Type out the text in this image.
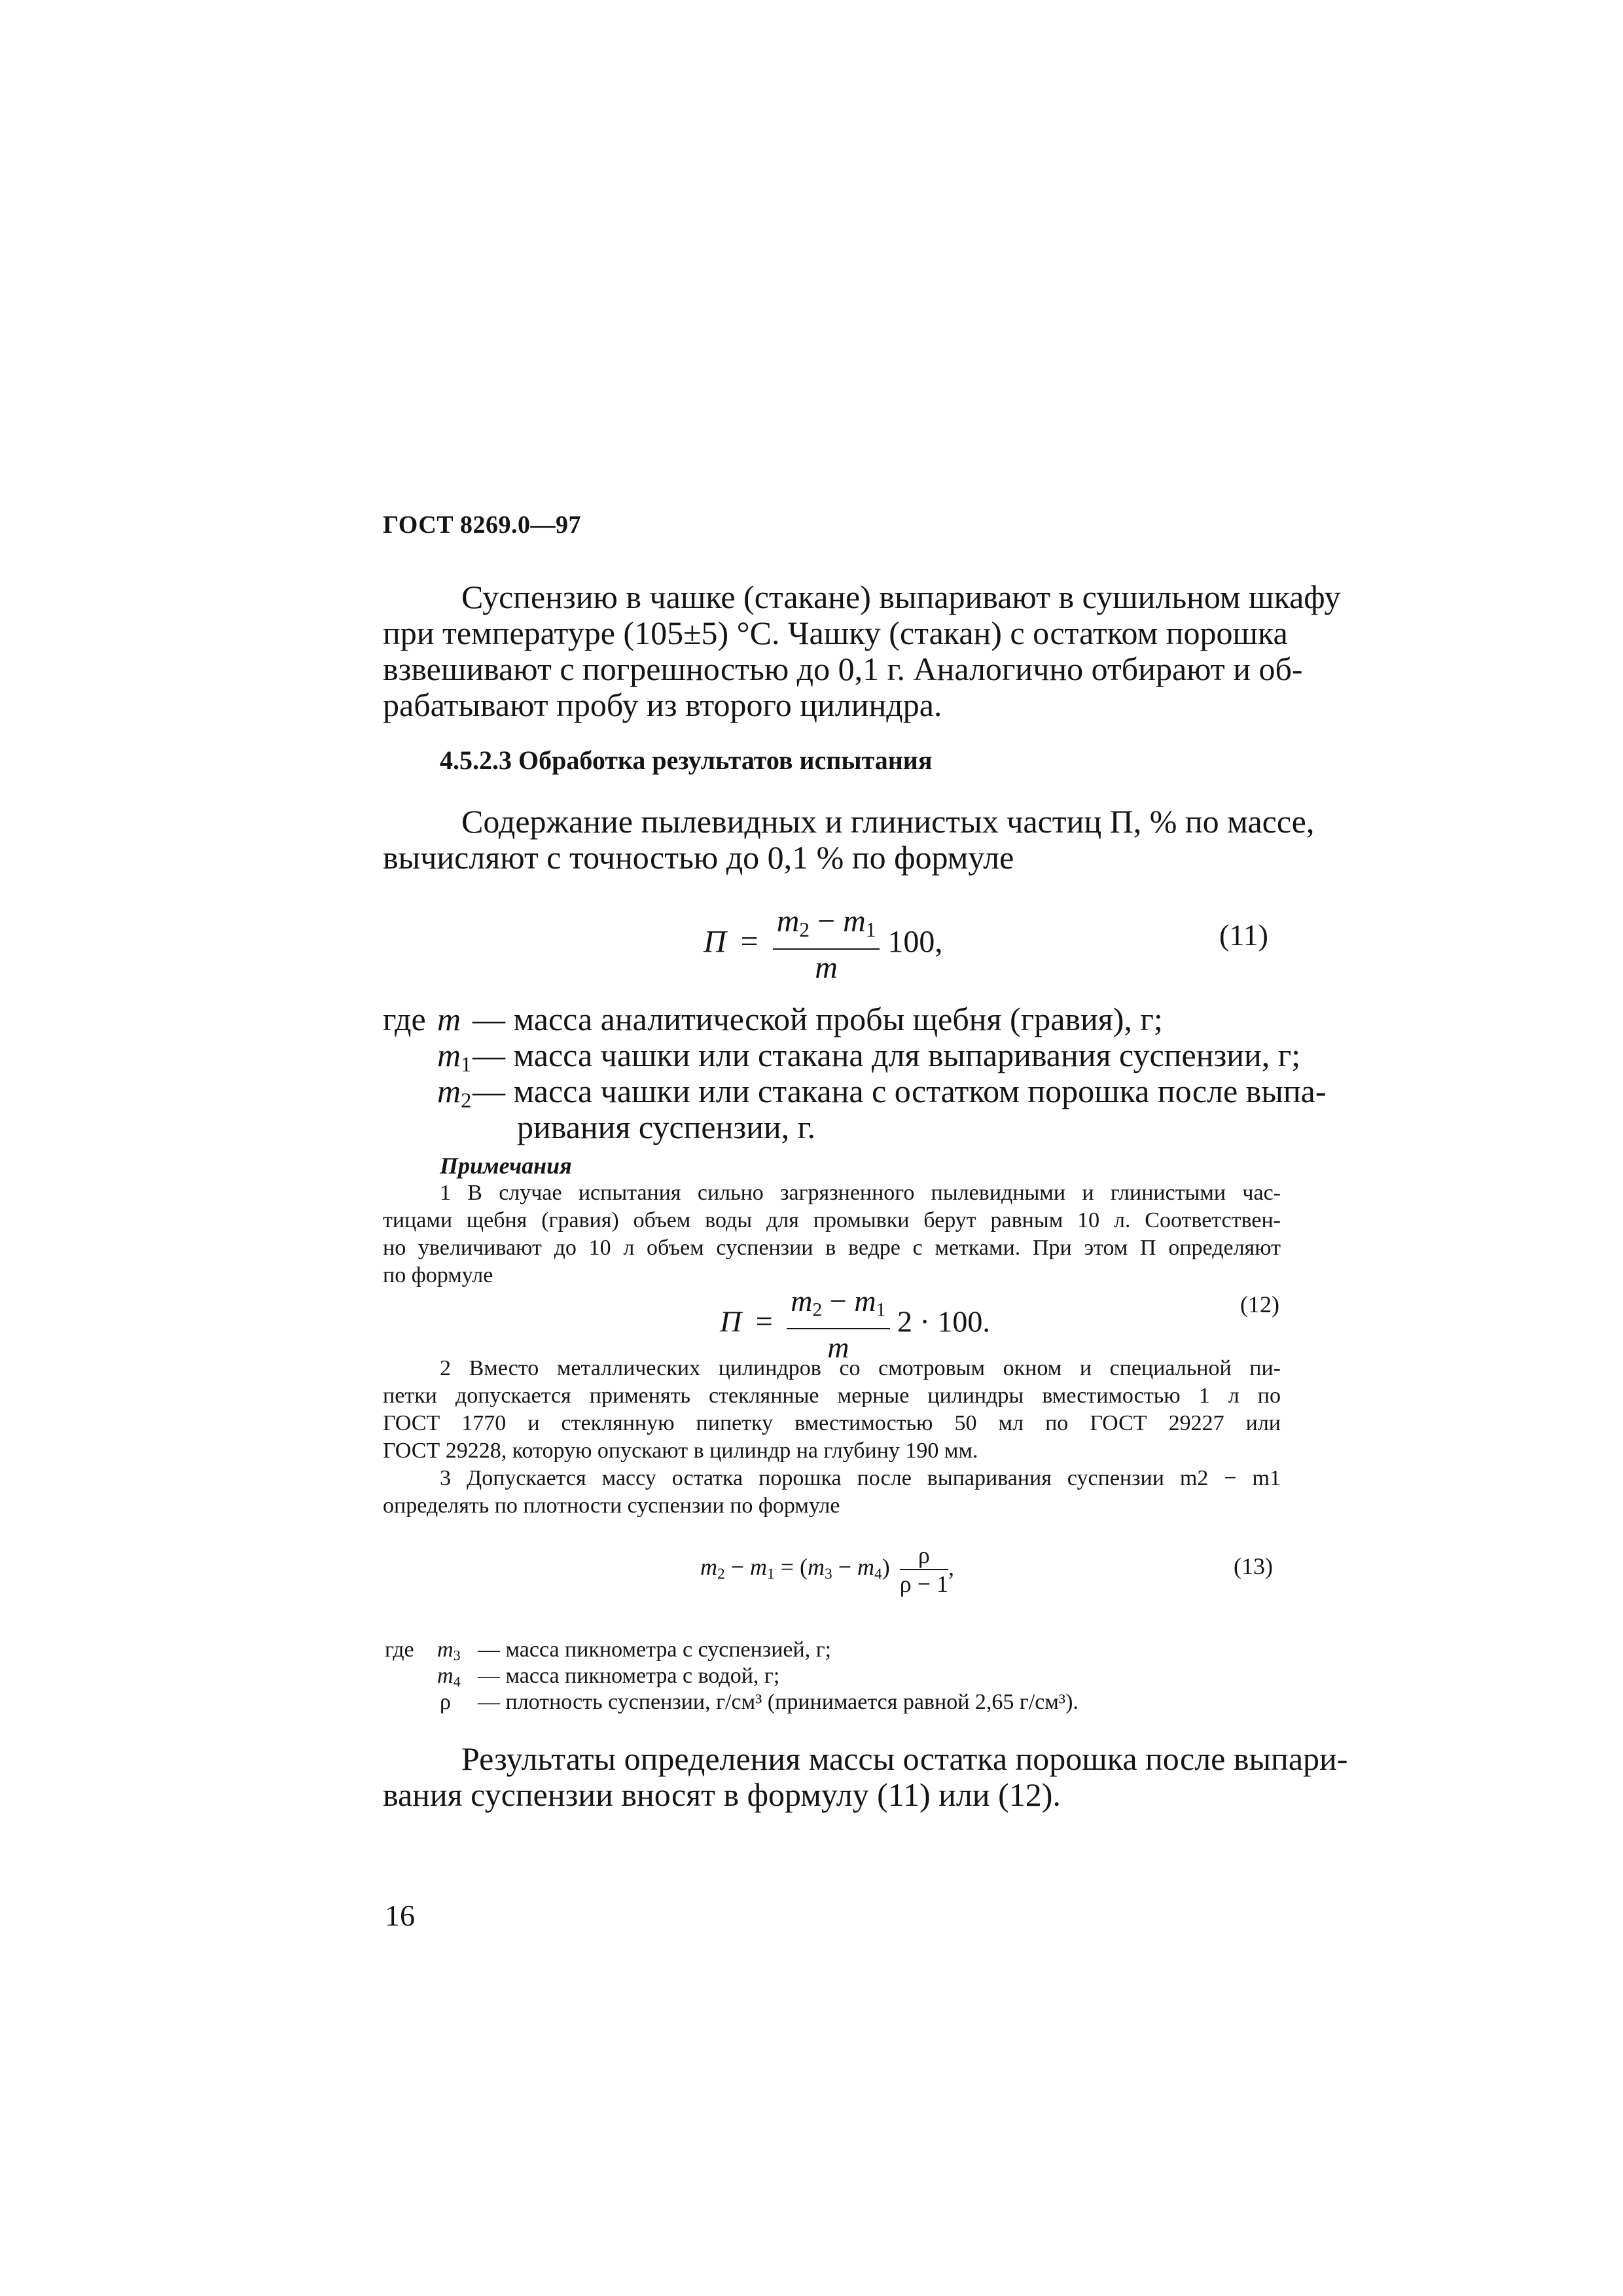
ГОСТ 8269.0—97
Суспензию в чашке (стакане) выпаривают в сушильном шкафу
при температуре (105±5) °С. Чашку (стакан) с остатком порошка
взвешивают с погрешностью до 0,1 г. Аналогично отбирают и об-
рабатывают пробу из второго цилиндра.
4.5.2.3 Обработка результатов испытания
Содержание пылевидных и глинистых частиц П, % по массе,
вычисляют с точностью до 0,1 % по формуле
$П = \frac{m_2 - m_1}{m} 100$,	(11)
где m — масса аналитической пробы щебня (гравия), г;
$m_1$ — масса чашки или стакана для выпаривания суспензии, г;
$m_2$ — масса чашки или стакана с остатком порошка после выпа-
ривания суспензии, г.
Примечания
1 В случае испытания сильно загрязненного пылевидными и глинистыми час-
тицами щебня (гравия) объем воды для промывки берут равным 10 л. Соответствен-
но увеличивают до 10 л объем суспензии в ведре с метками. При этом П определяют
по формуле
$П = \frac{m_2 - m_1}{m} 2 \cdot 100$.
(12)
2 Вместо металлических цилиндров со смотровым окном и специальной пи-
петки допускается применять стеклянные мерные цилиндры вместимостью 1 л по
ГОСТ 1770 и стеклянную пипетку вместимостью 50 мл по ГОСТ 29227 или
ГОСТ 29228, которую опускают в цилиндр на глубину 190 мм.
3 Допускается массу остатка порошка после выпаривания суспензии m2 − m1
определять по плотности суспензии по формуле
$m_2 - m_1 = (m_3 - m_4) \frac{\rho}{\rho - 1}$ ,	(13)
где $m_3$ — масса пикнометра с суспензией, г;
$m_4$ — масса пикнометра с водой, г;
ρ — плотность суспензии, г/см³ (принимается равной 2,65 г/см³).
Результаты определения массы остатка порошка после выпари-
вания суспензии вносят в формулу (11) или (12).
16
